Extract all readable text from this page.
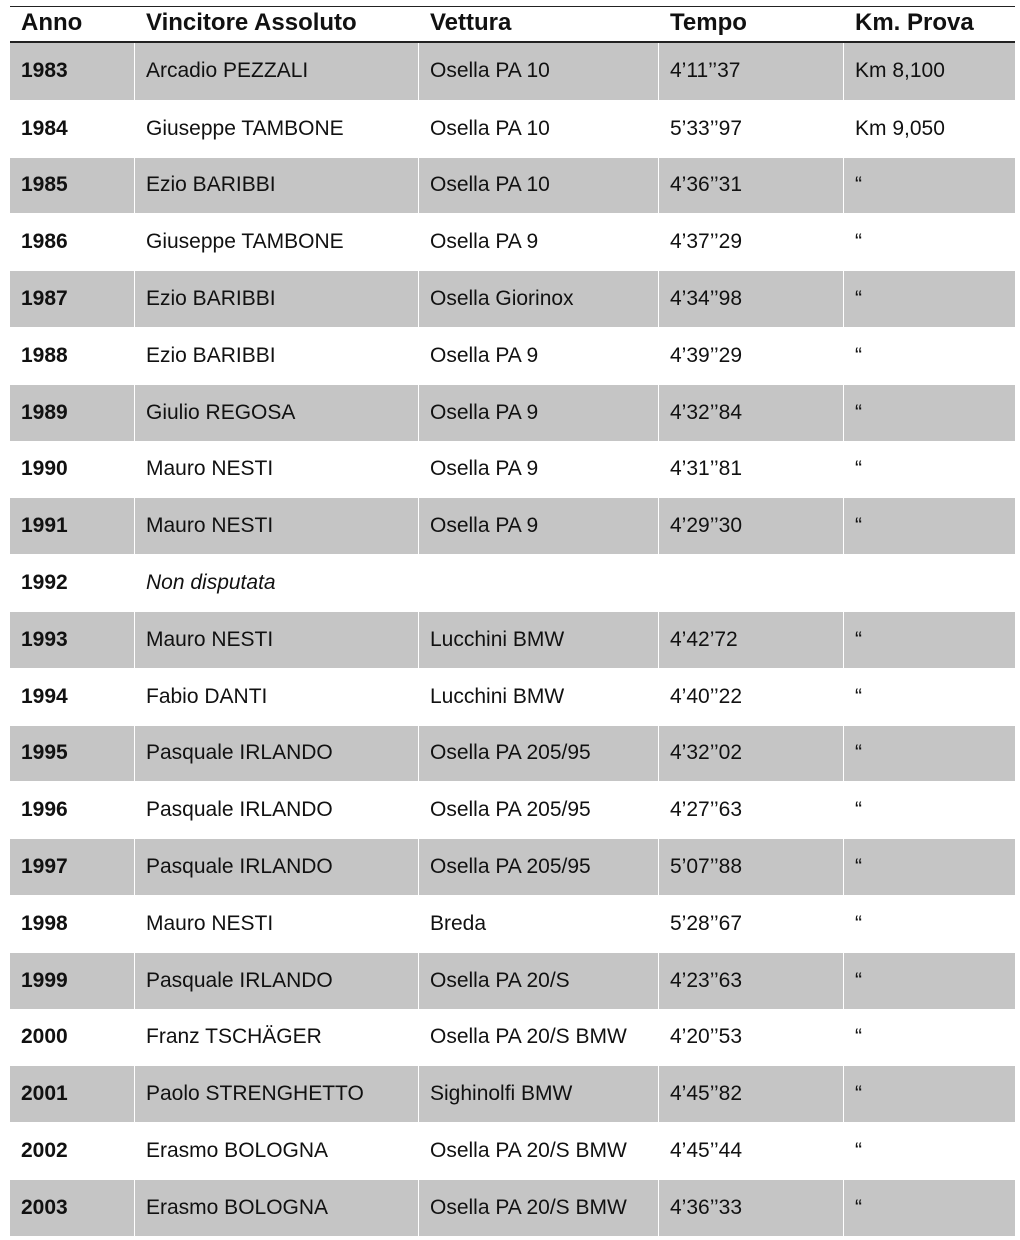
Anno	Vincitore Assoluto	Vettura	Tempo	Km. Prova
1983	Arcadio PEZZALI	Osella PA 10	4’11’’37	Km 8,100
1984	Giuseppe TAMBONE	Osella PA 10	5’33’’97	Km 9,050
1985	Ezio BARIBBI	Osella PA 10	4’36’’31	“
1986	Giuseppe TAMBONE	Osella PA 9	4’37’’29	“
1987	Ezio BARIBBI	Osella Giorinox	4’34’’98	“
1988	Ezio BARIBBI	Osella PA 9	4’39’’29	“
1989	Giulio REGOSA	Osella PA 9	4’32’’84	“
1990	Mauro NESTI	Osella PA 9	4’31’’81	“
1991	Mauro NESTI	Osella PA 9	4’29’’30	“
1992	Non disputata
1993	Mauro NESTI	Lucchini BMW	4’42’72	“
1994	Fabio DANTI	Lucchini BMW	4’40’’22	“
1995	Pasquale IRLANDO	Osella PA 205/95	4’32’’02	“
1996	Pasquale IRLANDO	Osella PA 205/95	4’27’’63	“
1997	Pasquale IRLANDO	Osella PA 205/95	5’07’’88	“
1998	Mauro NESTI	Breda	5’28’’67	“
1999	Pasquale IRLANDO	Osella PA 20/S	4’23’’63	“
2000	Franz TSCHÄGER	Osella PA 20/S BMW	4’20’’53	“
2001	Paolo STRENGHETTO	Sighinolfi BMW	4’45’’82	“
2002	Erasmo BOLOGNA	Osella PA 20/S BMW	4’45’’44	“
2003	Erasmo BOLOGNA	Osella PA 20/S BMW	4’36’’33	“
